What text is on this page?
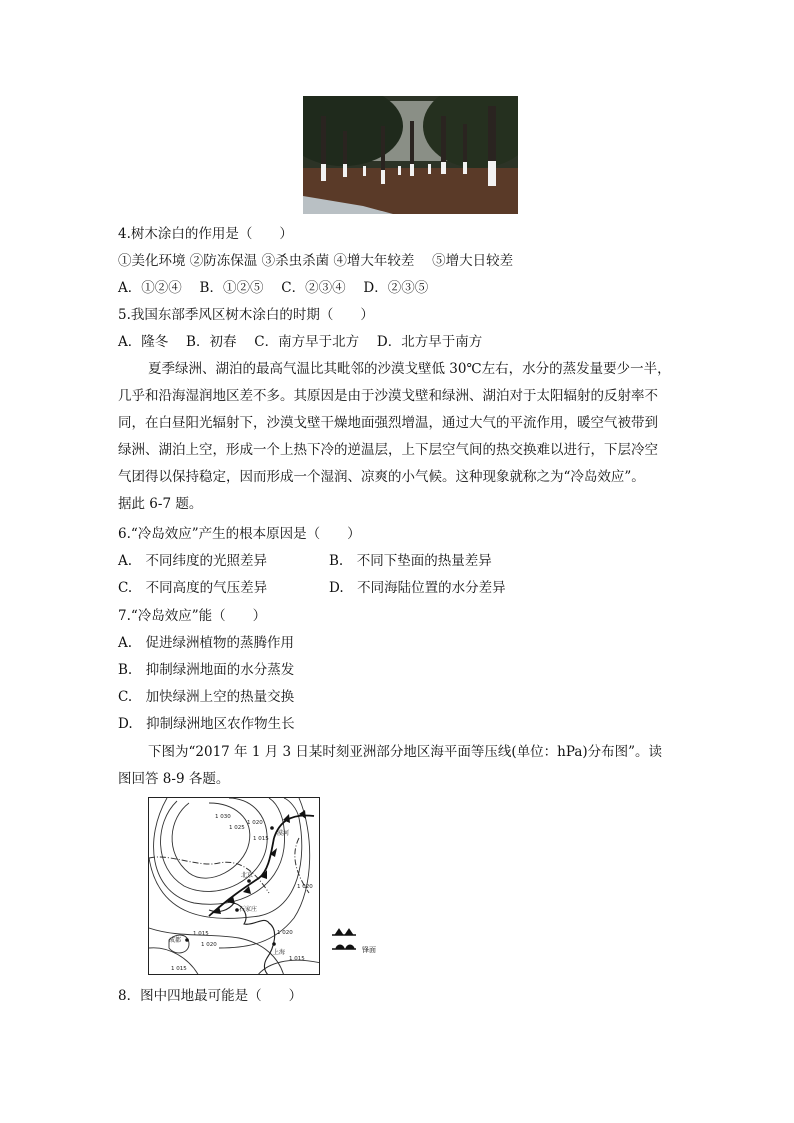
4.树木涂白的作用是（　　）
①美化环境 ②防冻保温 ③杀虫杀菌 ④增大年较差　 ⑤增大日较差
A．①②④　 B．①②⑤　 C．②③④　 D．②③⑤
5.我国东部季风区树木涂白的时期（　　）
A．隆冬　 B．初春　 C．南方早于北方　 D．北方早于南方
夏季绿洲、湖泊的最高气温比其毗邻的沙漠戈壁低 30℃左右，水分的蒸发量要少一半，
几乎和沿海湿润地区差不多。其原因是由于沙漠戈壁和绿洲、湖泊对于太阳辐射的反射率不
同，在白昼阳光辐射下，沙漠戈壁干燥地面强烈增温，通过大气的平流作用，暖空气被带到
绿洲、湖泊上空，形成一个上热下冷的逆温层，上下层空气间的热交换难以进行，下层冷空
气团得以保持稳定，因而形成一个湿润、凉爽的小气候。这种现象就称之为“冷岛效应”。
据此 6-7 题。
6.“冷岛效应”产生的根本原因是（　　）
A.　不同纬度的光照差异	B.　不同下垫面的热量差异
C.　不同高度的气压差异	D.　不同海陆位置的水分差异
7.“冷岛效应”能（　　）
A.　促进绿洲植物的蒸腾作用
B.　抑制绿洲地面的水分蒸发
C.　加快绿洲上空的热量交换
D.　抑制绿洲地区农作物生长
下图为“2017 年 1 月 3 日某时刻亚洲部分地区海平面等压线(单位：hPa)分布图”。读
图回答 8-9 各题。
1 030
1 025
1 020
1 015
1 020
1 020
1 015
1 020
1 015
1 015
漠河
北京
石家庄
成都
上海	锋面
8．图中四地最可能是（　　）
